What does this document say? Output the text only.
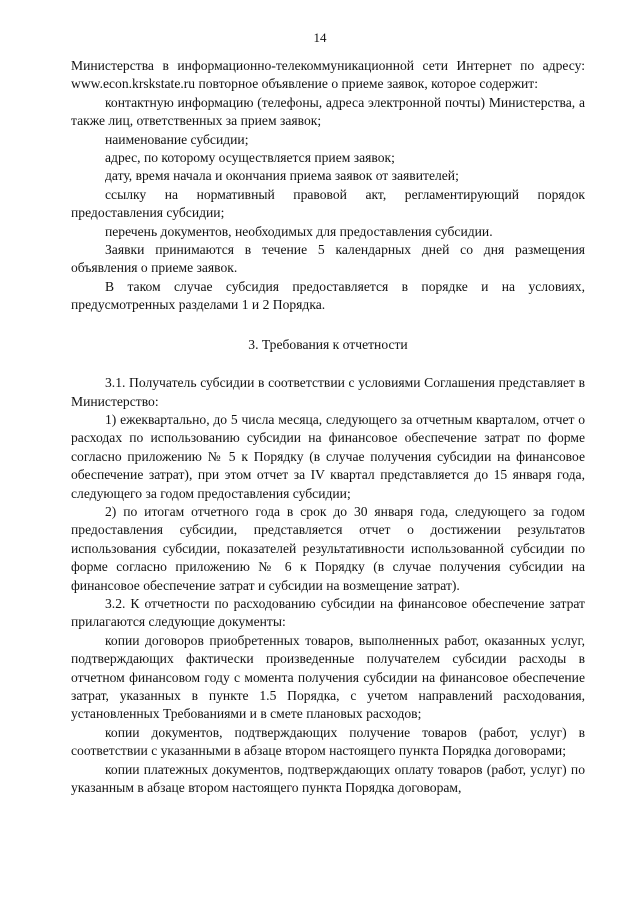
14

Министерства в информационно-телекоммуникационной сети Интернет по адресу: www.econ.krskstate.ru повторное объявление о приеме заявок, которое содержит:

контактную информацию (телефоны, адреса электронной почты) Министерства, а также лиц, ответственных за прием заявок;

наименование субсидии;

адрес, по которому осуществляется прием заявок;

дату, время начала и окончания приема заявок от заявителей;

ссылку на нормативный правовой акт, регламентирующий порядок предоставления субсидии;

перечень документов, необходимых для предоставления субсидии.

Заявки принимаются в течение 5 календарных дней со дня размещения объявления о приеме заявок.

В таком случае субсидия предоставляется в порядке и на условиях, предусмотренных разделами 1 и 2 Порядка.

3. Требования к отчетности

3.1. Получатель субсидии в соответствии с условиями Соглашения представляет в Министерство:

1) ежеквартально, до 5 числа месяца, следующего за отчетным кварталом, отчет о расходах по использованию субсидии на финансовое обеспечение затрат по форме согласно приложению № 5 к Порядку (в случае получения субсидии на финансовое обеспечение затрат), при этом отчет за IV квартал представляется до 15 января года, следующего за годом предоставления субсидии;

2) по итогам отчетного года в срок до 30 января года, следующего за годом предоставления субсидии, представляется отчет о достижении результатов использования субсидии, показателей результативности использованной субсидии по форме согласно приложению № 6 к Порядку (в случае получения субсидии на финансовое обеспечение затрат и субсидии на возмещение затрат).

3.2. К отчетности по расходованию субсидии на финансовое обеспечение затрат прилагаются следующие документы:

копии договоров приобретенных товаров, выполненных работ, оказанных услуг, подтверждающих фактически произведенные получателем субсидии расходы в отчетном финансовом году с момента получения субсидии на финансовое обеспечение затрат, указанных в пункте 1.5 Порядка, с учетом направлений расходования, установленных Требованиями и в смете плановых расходов;

копии документов, подтверждающих получение товаров (работ, услуг) в соответствии с указанными в абзаце втором настоящего пункта Порядка договорами;

копии платежных документов, подтверждающих оплату товаров (работ, услуг) по указанным в абзаце втором настоящего пункта Порядка договорам,
